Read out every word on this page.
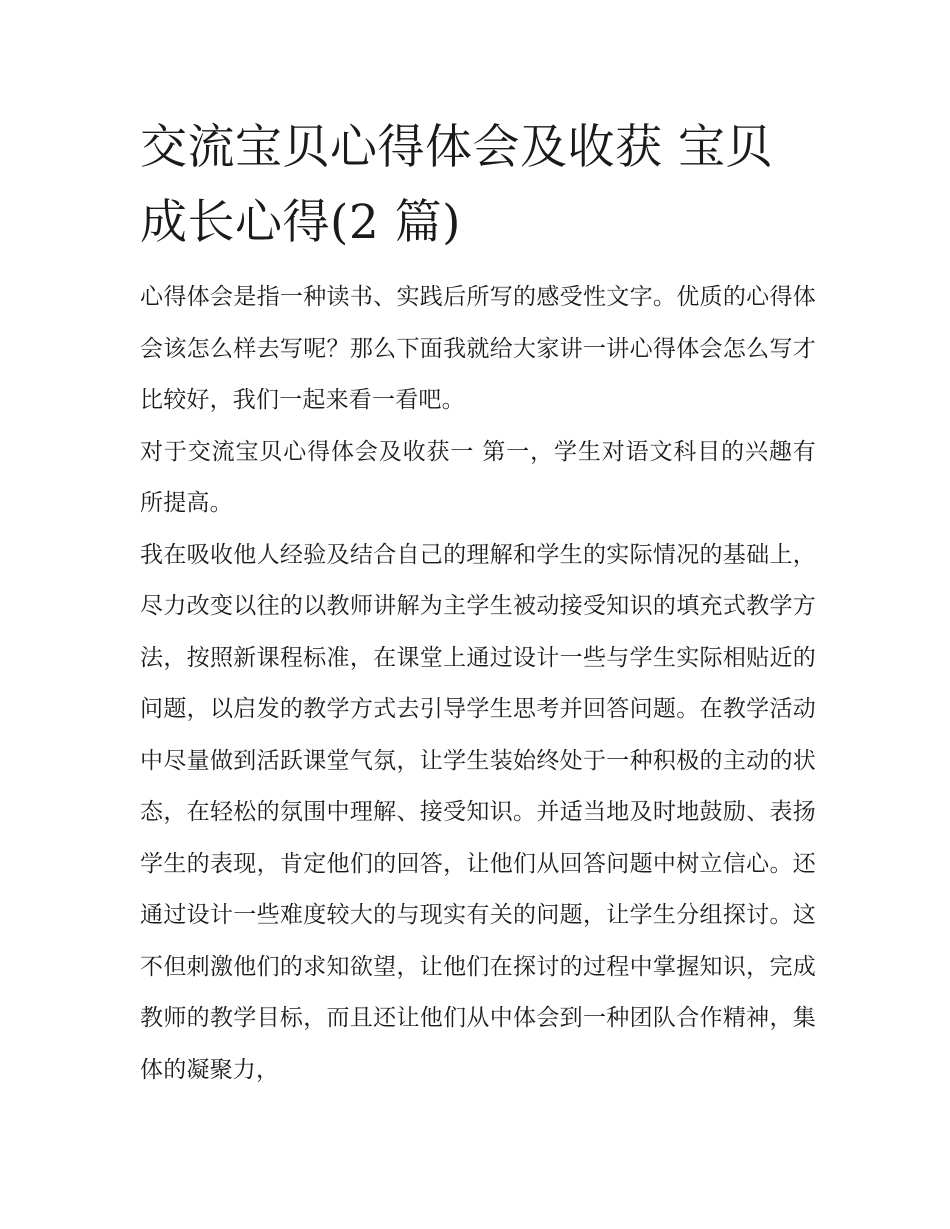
交流宝贝心得体会及收获 宝贝成长心得(2 篇)

心得体会是指一种读书、实践后所写的感受性文字。优质的心得体会该怎么样去写呢？那么下面我就给大家讲一讲心得体会怎么写才比较好，我们一起来看一看吧。

对于交流宝贝心得体会及收获一 第一，学生对语文科目的兴趣有所提高。

我在吸收他人经验及结合自己的理解和学生的实际情况的基础上，尽力改变以往的以教师讲解为主学生被动接受知识的填充式教学方法，按照新课程标准，在课堂上通过设计一些与学生实际相贴近的问题，以启发的教学方式去引导学生思考并回答问题。在教学活动中尽量做到活跃课堂气氛，让学生装始终处于一种积极的主动的状态，在轻松的氛围中理解、接受知识。并适当地及时地鼓励、表扬学生的表现，肯定他们的回答，让他们从回答问题中树立信心。还通过设计一些难度较大的与现实有关的问题，让学生分组探讨。这不但刺激他们的求知欲望，让他们在探讨的过程中掌握知识，完成教师的教学目标，而且还让他们从中体会到一种团队合作精神，集体的凝聚力，
